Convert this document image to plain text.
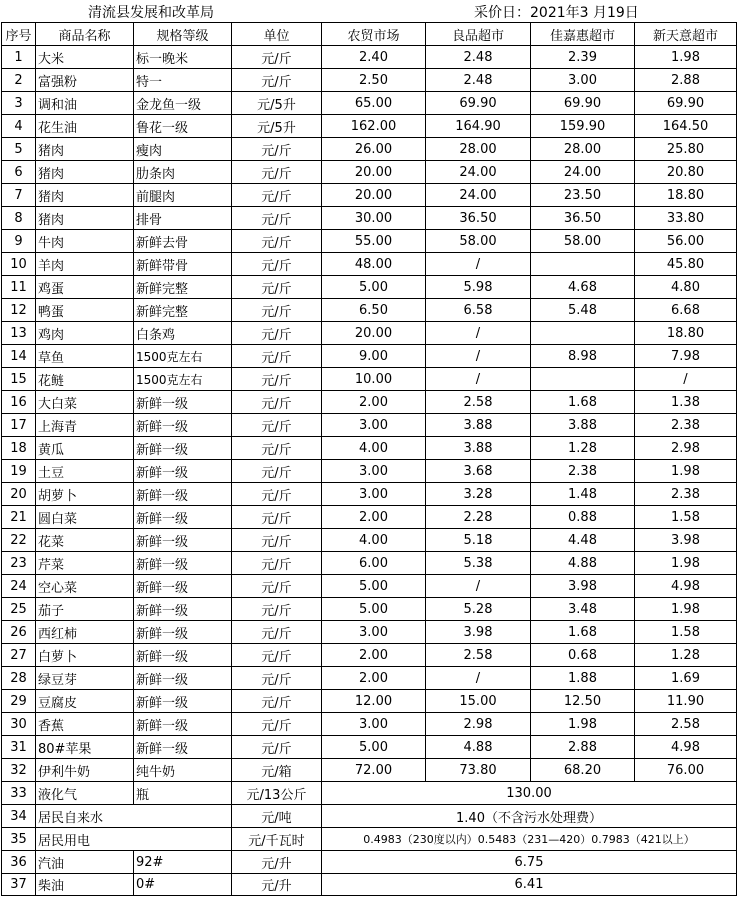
清流县发展和改革局	采价日：2021年3 月19日
序号	商品名称	规格等级	单位	农贸市场	良品超市	佳嘉惠超市	新天意超市
1	大米	标一晚米	元/斤	2.40	2.48	2.39	1.98
2	富强粉	特一	元/斤	2.50	2.48	3.00	2.88
3	调和油	金龙鱼一级	元/5升	65.00	69.90	69.90	69.90
4	花生油	鲁花一级	元/5升	162.00	164.90	159.90	164.50
5	猪肉	瘦肉	元/斤	26.00	28.00	28.00	25.80
6	猪肉	肋条肉	元/斤	20.00	24.00	24.00	20.80
7	猪肉	前腿肉	元/斤	20.00	24.00	23.50	18.80
8	猪肉	排骨	元/斤	30.00	36.50	36.50	33.80
9	牛肉	新鲜去骨	元/斤	55.00	58.00	58.00	56.00
10	羊肉	新鲜带骨	元/斤	48.00	/		45.80
11	鸡蛋	新鲜完整	元/斤	5.00	5.98	4.68	4.80
12	鸭蛋	新鲜完整	元/斤	6.50	6.58	5.48	6.68
13	鸡肉	白条鸡	元/斤	20.00	/		18.80
14	草鱼	1500克左右	元/斤	9.00	/	8.98	7.98
15	花鲢	1500克左右	元/斤	10.00	/		/
16	大白菜	新鲜一级	元/斤	2.00	2.58	1.68	1.38
17	上海青	新鲜一级	元/斤	3.00	3.88	3.88	2.38
18	黄瓜	新鲜一级	元/斤	4.00	3.88	1.28	2.98
19	土豆	新鲜一级	元/斤	3.00	3.68	2.38	1.98
20	胡萝卜	新鲜一级	元/斤	3.00	3.28	1.48	2.38
21	圆白菜	新鲜一级	元/斤	2.00	2.28	0.88	1.58
22	花菜	新鲜一级	元/斤	4.00	5.18	4.48	3.98
23	芹菜	新鲜一级	元/斤	6.00	5.38	4.88	1.98
24	空心菜	新鲜一级	元/斤	5.00	/	3.98	4.98
25	茄子	新鲜一级	元/斤	5.00	5.28	3.48	1.98
26	西红柿	新鲜一级	元/斤	3.00	3.98	1.68	1.58
27	白萝卜	新鲜一级	元/斤	2.00	2.58	0.68	1.28
28	绿豆芽	新鲜一级	元/斤	2.00	/	1.88	1.69
29	豆腐皮	新鲜一级	元/斤	12.00	15.00	12.50	11.90
30	香蕉	新鲜一级	元/斤	3.00	2.98	1.98	2.58
31	80#苹果	新鲜一级	元/斤	5.00	4.88	2.88	4.98
32	伊利牛奶	纯牛奶	元/箱	72.00	73.80	68.20	76.00
33	液化气	瓶	元/13公斤	130.00			
34	居民自来水		元/吨	1.40（不含污水处理费）			
35	居民用电		元/千瓦时	0.4983（230度以内）0.5483（231—420）0.7983（421以上）			
36	汽油	92#	元/升	6.75			
37	柴油	0#	元/升	6.41			
